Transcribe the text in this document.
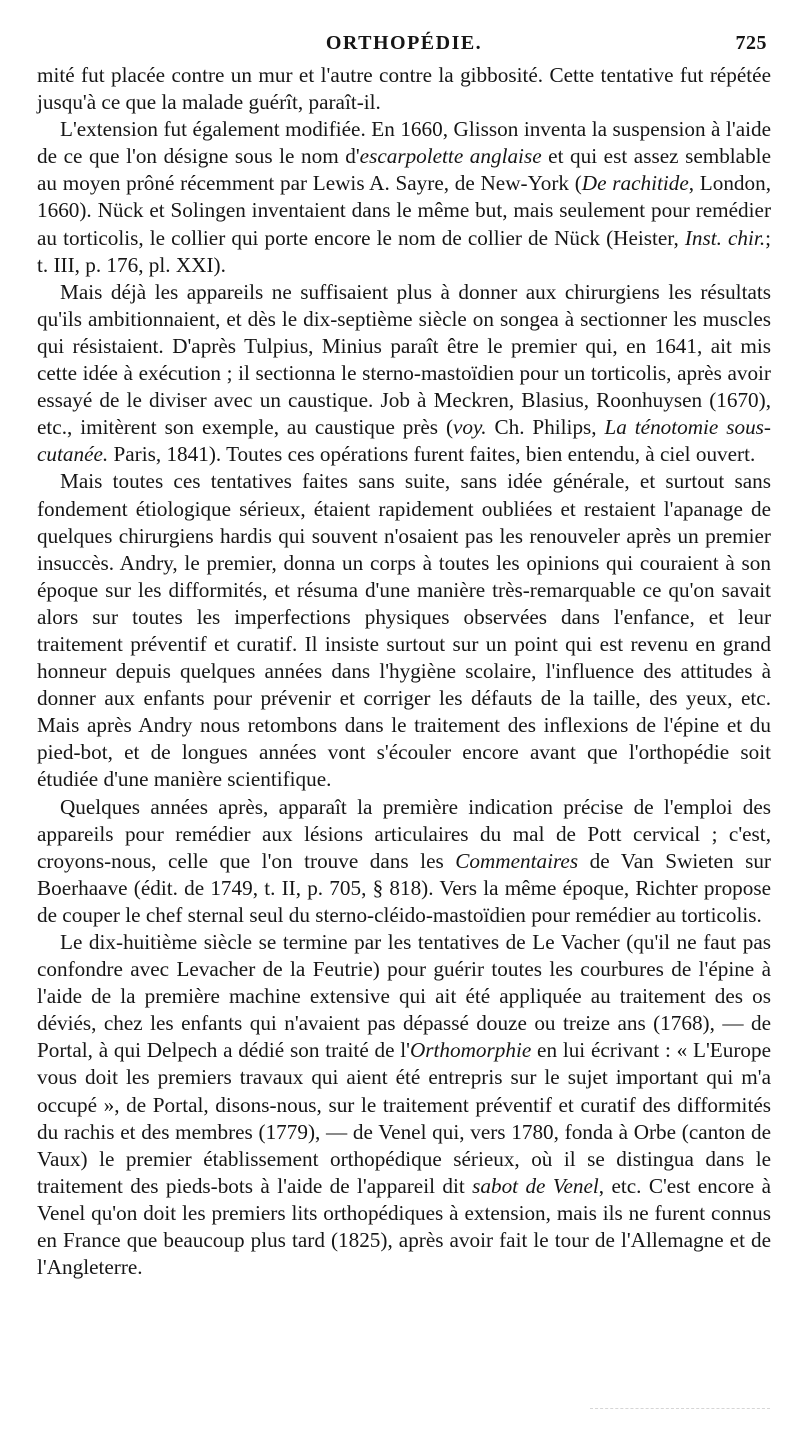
ORTHOPÉDIE.	725

mité fut placée contre un mur et l'autre contre la gibbosité. Cette tentative fut répétée jusqu'à ce que la malade guérît, paraît-il.

L'extension fut également modifiée. En 1660, Glisson inventa la suspension à l'aide de ce que l'on désigne sous le nom d'escarpolette anglaise et qui est assez semblable au moyen prôné récemment par Lewis A. Sayre, de New-York (De rachitide, London, 1660). Nück et Solingen inventaient dans le même but, mais seulement pour remédier au torticolis, le collier qui porte encore le nom de collier de Nück (Heister, Inst. chir.; t. III, p. 176, pl. XXI).

Mais déjà les appareils ne suffisaient plus à donner aux chirurgiens les résultats qu'ils ambitionnaient, et dès le dix-septième siècle on songea à sectionner les muscles qui résistaient. D'après Tulpius, Minius paraît être le premier qui, en 1641, ait mis cette idée à exécution ; il sectionna le sterno-mastoïdien pour un torticolis, après avoir essayé de le diviser avec un caustique. Job à Meckren, Blasius, Roonhuysen (1670), etc., imitèrent son exemple, au caustique près (voy. Ch. Philips, La ténotomie sous-cutanée. Paris, 1841). Toutes ces opérations furent faites, bien entendu, à ciel ouvert.

Mais toutes ces tentatives faites sans suite, sans idée générale, et surtout sans fondement étiologique sérieux, étaient rapidement oubliées et restaient l'apanage de quelques chirurgiens hardis qui souvent n'osaient pas les renouveler après un premier insuccès. Andry, le premier, donna un corps à toutes les opinions qui couraient à son époque sur les difformités, et résuma d'une manière très-remarquable ce qu'on savait alors sur toutes les imperfections physiques observées dans l'enfance, et leur traitement préventif et curatif. Il insiste surtout sur un point qui est revenu en grand honneur depuis quelques années dans l'hygiène scolaire, l'influence des attitudes à donner aux enfants pour prévenir et corriger les défauts de la taille, des yeux, etc. Mais après Andry nous retombons dans le traitement des inflexions de l'épine et du pied-bot, et de longues années vont s'écouler encore avant que l'orthopédie soit étudiée d'une manière scientifique.

Quelques années après, apparaît la première indication précise de l'emploi des appareils pour remédier aux lésions articulaires du mal de Pott cervical ; c'est, croyons-nous, celle que l'on trouve dans les Commentaires de Van Swieten sur Boerhaave (édit. de 1749, t. II, p. 705, § 818). Vers la même époque, Richter propose de couper le chef sternal seul du sterno-cléido-mastoïdien pour remédier au torticolis.

Le dix-huitième siècle se termine par les tentatives de Le Vacher (qu'il ne faut pas confondre avec Levacher de la Feutrie) pour guérir toutes les courbures de l'épine à l'aide de la première machine extensive qui ait été appliquée au traitement des os déviés, chez les enfants qui n'avaient pas dépassé douze ou treize ans (1768), — de Portal, à qui Delpech a dédié son traité de l'Orthomorphie en lui écrivant : « L'Europe vous doit les premiers travaux qui aient été entrepris sur le sujet important qui m'a occupé », de Portal, disons-nous, sur le traitement préventif et curatif des difformités du rachis et des membres (1779), — de Venel qui, vers 1780, fonda à Orbe (canton de Vaux) le premier établissement orthopédique sérieux, où il se distingua dans le traitement des pieds-bots à l'aide de l'appareil dit sabot de Venel, etc. C'est encore à Venel qu'on doit les premiers lits orthopédiques à extension, mais ils ne furent connus en France que beaucoup plus tard (1825), après avoir fait le tour de l'Allemagne et de l'Angleterre.
